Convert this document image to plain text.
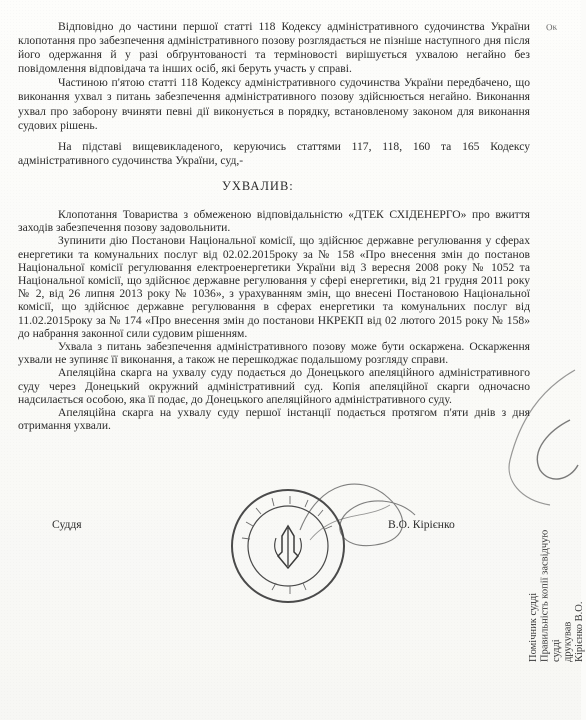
Ок

Відповідно до частини першої статті 118 Кодексу адміністративного судочинства України клопотання про забезпечення адміністративного позову розглядається не пізніше наступного дня після його одержання й у разі обґрунтованості та терміновості вирішується ухвалою негайно без повідомлення відповідача та інших осіб, які беруть участь у справі.

Частиною п'ятою статті 118 Кодексу адміністративного судочинства України передбачено, що виконання ухвал з питань забезпечення адміністративного позову здійснюється негайно. Виконання ухвал про заборону вчиняти певні дії виконується в порядку, встановленому законом для виконання судових рішень.

На підставі вищевикладеного, керуючись статтями 117, 118, 160 та 165 Кодексу адміністративного судочинства України, суд,-

УХВАЛИВ:

Клопотання Товариства з обмеженою відповідальністю «ДТЕК СХІДЕНЕРГО» про вжиття заходів забезпечення позову задовольнити.

Зупинити дію Постанови Національної комісії, що здійснює державне регулювання у сферах енергетики та комунальних послуг від 02.02.2015року за № 158 «Про внесення змін до постанов Національної комісії регулювання електроенергетики України від 3 вересня 2008 року № 1052 та Національної комісії, що здійснює державне регулювання у сфері енергетики, від 21 грудня 2011 року № 2, від 26 липня 2013 року № 1036», з урахуванням змін, що внесені Постановою Національної комісії, що здійснює державне регулювання в сферах енергетики та комунальних послуг від 11.02.2015року за № 174 «Про внесення змін до постанови НКРЕКП від 02 лютого 2015 року № 158» до набрання законної сили судовим рішенням.

Ухвала з питань забезпечення адміністративного позову може бути оскаржена. Оскарження ухвали не зупиняє її виконання, а також не перешкоджає подальшому розгляду справи.

Апеляційна скарга на ухвалу суду подається до Донецького апеляційного адміністративного суду через Донецький окружний адміністративний суд. Копія апеляційної скарги одночасно надсилається особою, яка її подає, до Донецького апеляційного адміністративного суду.

Апеляційна скарга на ухвалу суду першої інстанції подається протягом п'яти днів з дня отримання ухвали.

Суддя	В.О. Кірієнко
Помічник судді Правильність копії засвідчую судді друкував Кірієнко В.О.
